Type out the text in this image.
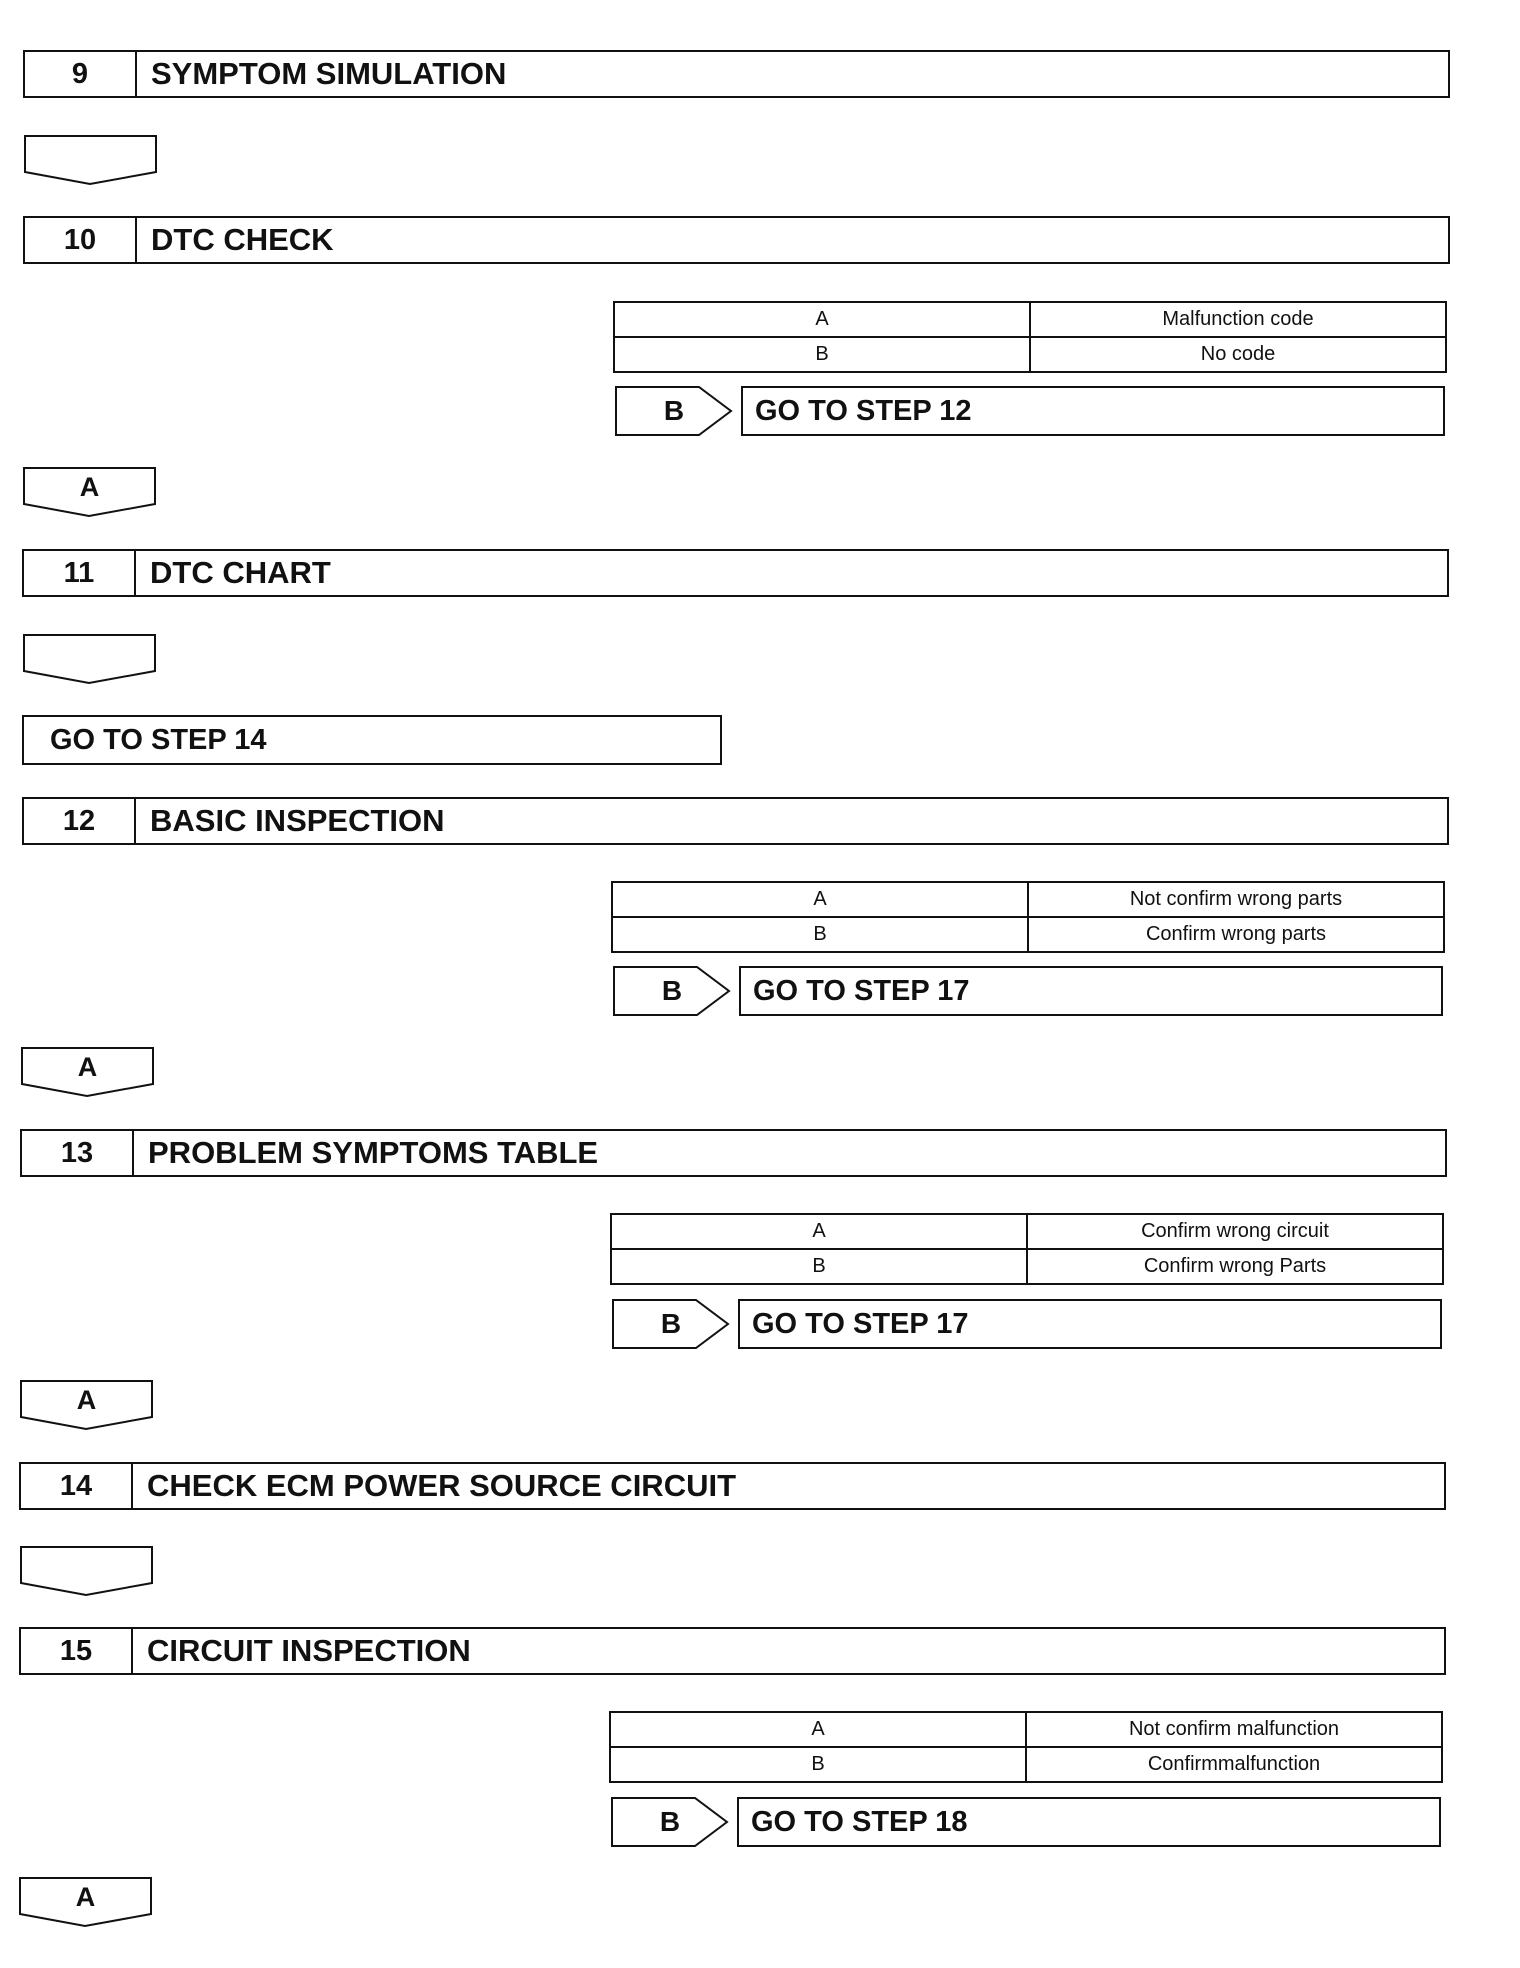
9	SYMPTOM SIMULATION
10	DTC CHECK
A	Malfunction code
B	No code
B	GO TO STEP 12
A
11	DTC CHART
GO TO STEP 14
12	BASIC INSPECTION
A	Not confirm wrong parts
B	Confirm wrong parts
B	GO TO STEP 17
A
13	PROBLEM SYMPTOMS TABLE
A	Confirm wrong circuit
B	Confirm wrong Parts
B	GO TO STEP 17
A
14	CHECK ECM POWER SOURCE CIRCUIT
15	CIRCUIT INSPECTION
A	Not confirm malfunction
B	Confirmmalfunction
B	GO TO STEP 18
A
